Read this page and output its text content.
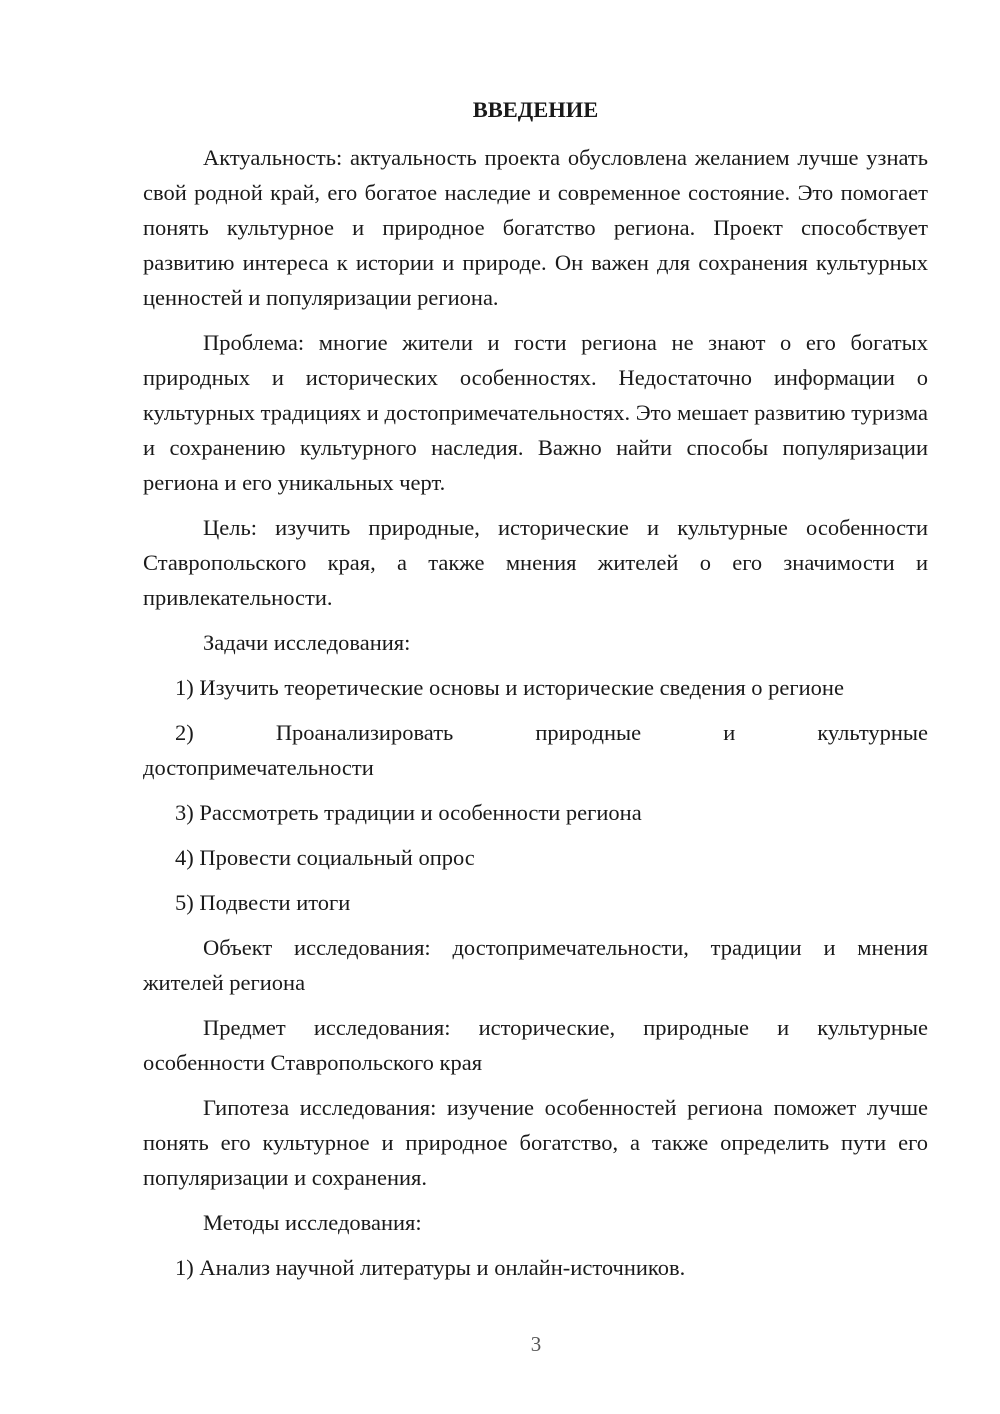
ВВЕДЕНИЕ

Актуальность: актуальность проекта обусловлена желанием лучше узнать свой родной край, его богатое наследие и современное состояние. Это помогает понять культурное и природное богатство региона. Проект способствует развитию интереса к истории и природе. Он важен для сохранения культурных ценностей и популяризации региона.

Проблема: многие жители и гости региона не знают о его богатых природных и исторических особенностях. Недостаточно информации о культурных традициях и достопримечательностях. Это мешает развитию туризма и сохранению культурного наследия. Важно найти способы популяризации региона и его уникальных черт.

Цель: изучить природные, исторические и культурные особенности Ставропольского края, а также мнения жителей о его значимости и привлекательности.

Задачи исследования:

1) Изучить теоретические основы и исторические сведения о регионе

2)	Проанализировать	природные	и	культурные

достопримечательности

3) Рассмотреть традиции и особенности региона

4) Провести социальный опрос

5) Подвести итоги

Объект исследования: достопримечательности, традиции и мнения жителей региона

Предмет исследования: исторические, природные и культурные особенности Ставропольского края

Гипотеза исследования: изучение особенностей региона поможет лучше понять его культурное и природное богатство, а также определить пути его популяризации и сохранения.

Методы исследования:

1) Анализ научной литературы и онлайн-источников.

3
